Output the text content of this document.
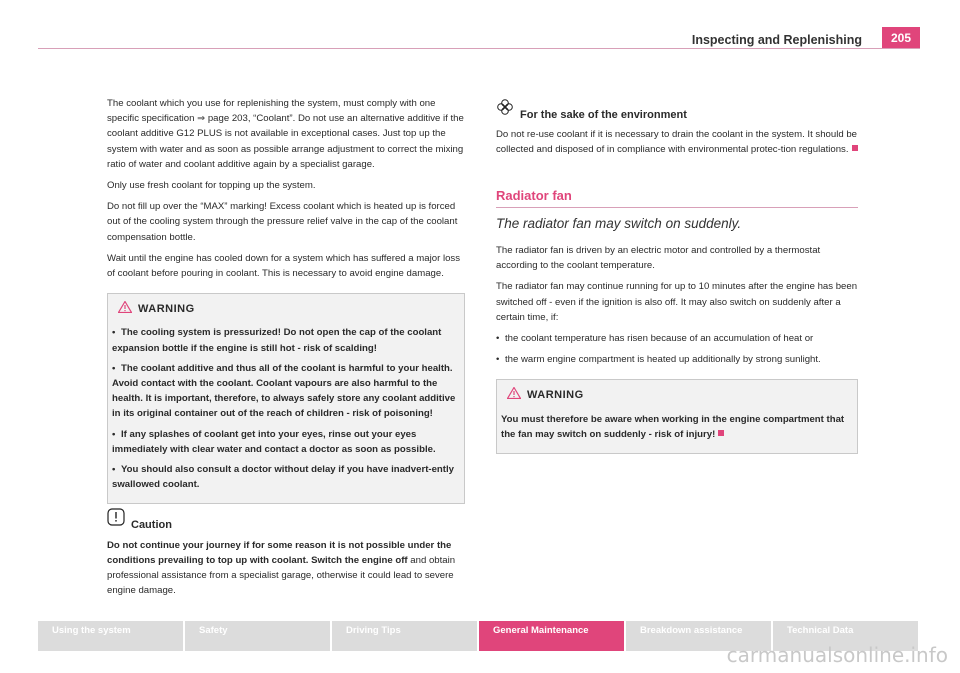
Inspecting and Replenishing	205

The coolant which you use for replenishing the system, must comply with one specific specification ⇒ page 203, “Coolant”. Do not use an alternative additive if the coolant additive G12 PLUS is not available in exceptional cases. Just top up the system with water and as soon as possible arrange adjustment to correct the mixing ratio of water and coolant additive again by a specialist garage.

Only use fresh coolant for topping up the system.

Do not fill up over the “MAX” marking! Excess coolant which is heated up is forced out of the cooling system through the pressure relief valve in the cap of the coolant compensation bottle.

Wait until the engine has cooled down for a system which has suffered a major loss of coolant before pouring in coolant. This is necessary to avoid engine damage.

WARNING
• The cooling system is pressurized! Do not open the cap of the coolant expansion bottle if the engine is still hot - risk of scalding!
• The coolant additive and thus all of the coolant is harmful to your health. Avoid contact with the coolant. Coolant vapours are also harmful to the health. It is important, therefore, to always safely store any coolant additive in its original container out of the reach of children - risk of poisoning!
• If any splashes of coolant get into your eyes, rinse out your eyes immediately with clear water and contact a doctor as soon as possible.
• You should also consult a doctor without delay if you have inadvert-ently swallowed coolant.
Caution

Do not continue your journey if for some reason it is not possible under the conditions prevailing to top up with coolant. Switch the engine off and obtain professional assistance from a specialist garage, otherwise it could lead to severe engine damage.

For the sake of the environment

Do not re-use coolant if it is necessary to drain the coolant in the system. It should be collected and disposed of in compliance with environmental protec-tion regulations.

Radiator fan
The radiator fan may switch on suddenly.

The radiator fan is driven by an electric motor and controlled by a thermostat according to the coolant temperature.

The radiator fan may continue running for up to 10 minutes after the engine has been switched off - even if the ignition is also off. It may also switch on suddenly after a certain time, if:

• the coolant temperature has risen because of an accumulation of heat or

• the warm engine compartment is heated up additionally by strong sunlight.

WARNING
You must therefore be aware when working in the engine compartment that the fan may switch on suddenly - risk of injury!
Using the system	Safety	Driving Tips	General Maintenance	Breakdown assistance	Technical Data
carmanualsonline.info
